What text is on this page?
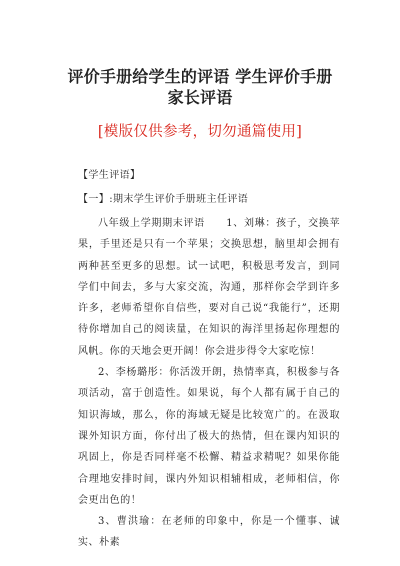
评价手册给学生的评语 学生评价手册家长评语
[模版仅供参考，切勿通篇使用]
【学生评语】
【一】:期末学生评价手册班主任评语

八年级上学期期末评语　　1、刘琳：孩子，交换苹果，手里还是只有一个苹果；交换思想，脑里却会拥有两种甚至更多的思想。试一试吧，积极思考发言，到同学们中间去，多与大家交流，沟通，那样你会学到许多许多，老师希望你自信些，要对自己说“我能行”，还期待你增加自己的阅读量，在知识的海洋里扬起你理想的风帆。你的天地会更开阔！你会进步得令大家吃惊！

2、李杨璐彤：你活泼开朗，热情率真，积极参与各项活动，富于创造性。如果说，每个人都有属于自己的知识海域，那么，你的海域无疑是比较宽广的。在汲取课外知识方面，你付出了极大的热情，但在课内知识的巩固上，你是否同样毫不松懈、精益求精呢？如果你能合理地安排时间，课内外知识相辅相成，老师相信，你会更出色的！

3、曹洪瑜：在老师的印象中，你是一个懂事、诚实、朴素
